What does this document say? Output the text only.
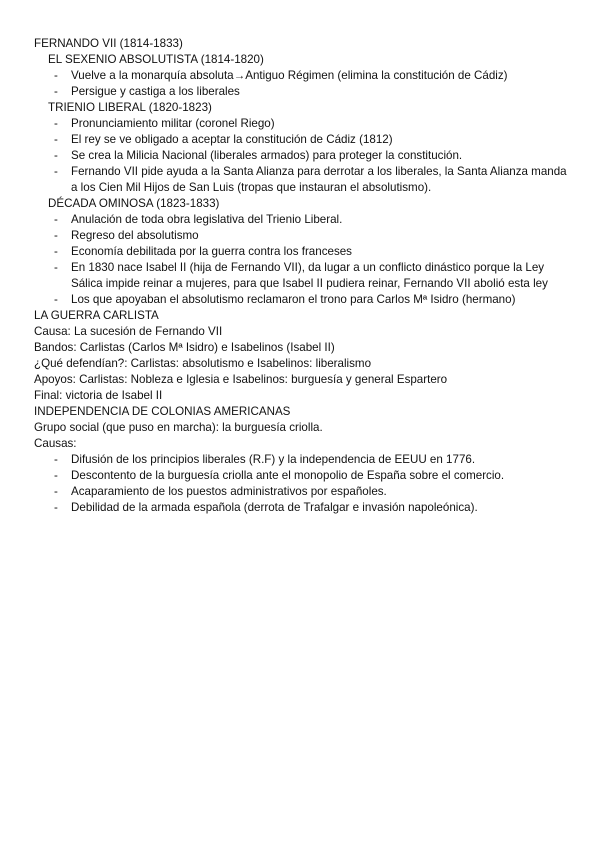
FERNANDO VII (1814-1833)
EL SEXENIO ABSOLUTISTA (1814-1820)
- Vuelve a la monarquía absoluta→Antiguo Régimen (elimina la constitución de Cádiz)
- Persigue y castiga a los liberales
TRIENIO LIBERAL (1820-1823)
- Pronunciamiento militar (coronel Riego)
- El rey se ve obligado a aceptar la constitución de Cádiz (1812)
- Se crea la Milicia Nacional (liberales armados) para proteger la constitución.
- Fernando VII pide ayuda a la Santa Alianza para derrotar a los liberales, la Santa Alianza manda a los Cien Mil Hijos de San Luis (tropas que instauran el absolutismo).
DÉCADA OMINOSA (1823-1833)
- Anulación de toda obra legislativa del Trienio Liberal.
- Regreso del absolutismo
- Economía debilitada por la guerra contra los franceses
- En 1830 nace Isabel II (hija de Fernando VII), da lugar a un conflicto dinástico porque la Ley Sálica impide reinar a mujeres, para que Isabel II pudiera reinar, Fernando VII abolió esta ley
- Los que apoyaban el absolutismo reclamaron el trono para Carlos Mª Isidro (hermano)
LA GUERRA CARLISTA
Causa: La sucesión de Fernando VII
Bandos: Carlistas (Carlos Mª Isidro) e Isabelinos (Isabel II)
¿Qué defendían?: Carlistas: absolutismo e Isabelinos: liberalismo
Apoyos: Carlistas: Nobleza e Iglesia e Isabelinos: burguesía y general Espartero
Final: victoria de Isabel II
INDEPENDENCIA DE COLONIAS AMERICANAS
Grupo social (que puso en marcha): la burguesía criolla.
Causas:
- Difusión de los principios liberales (R.F) y la independencia de EEUU en 1776.
- Descontento de la burguesía criolla ante el monopolio de España sobre el comercio.
- Acaparamiento de los puestos administrativos por españoles.
- Debilidad de la armada española (derrota de Trafalgar e invasión napoleónica).
